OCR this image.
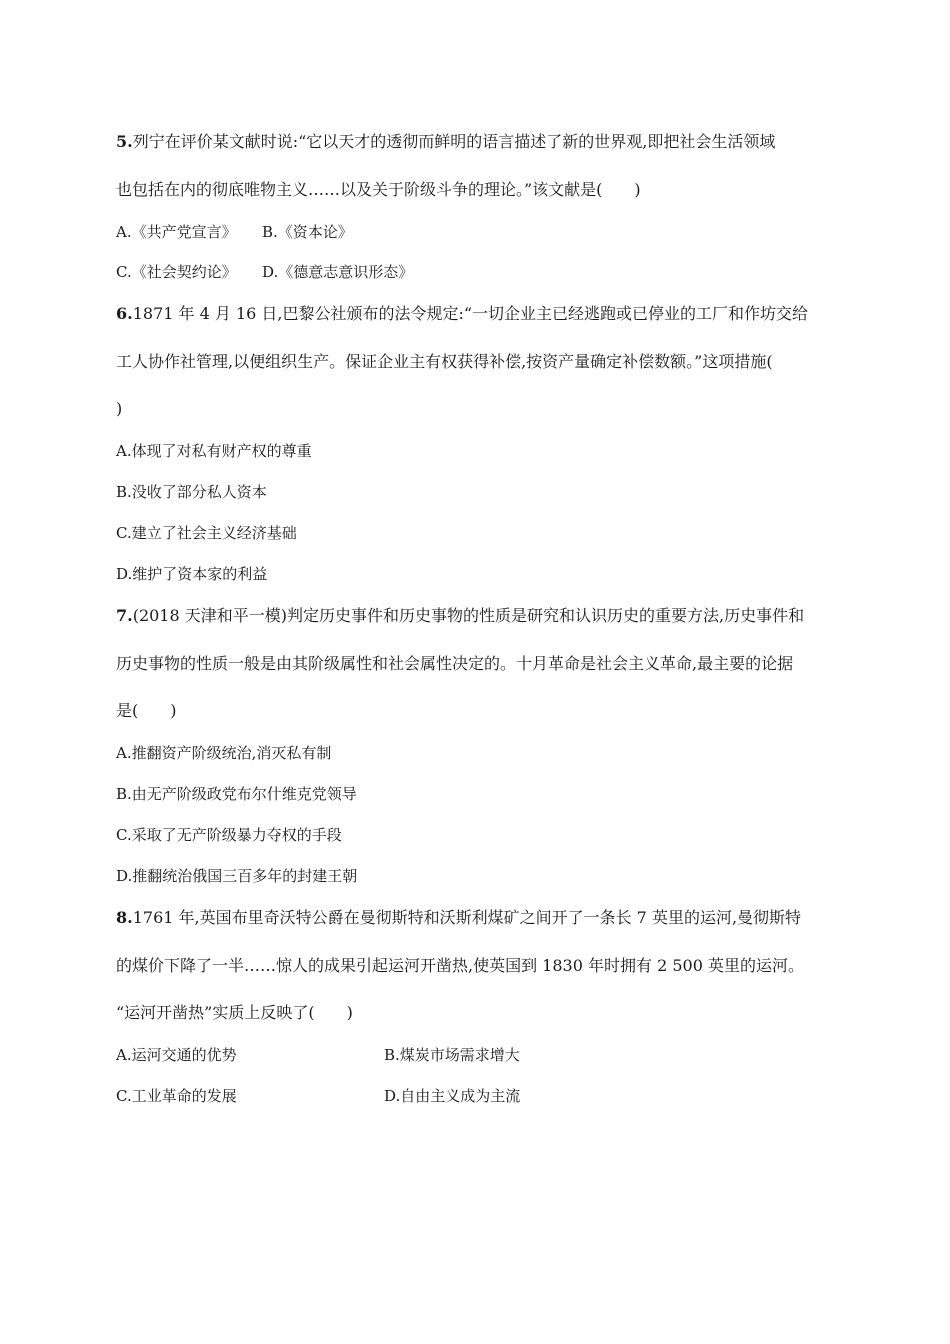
5.列宁在评价某文献时说:“它以天才的透彻而鲜明的语言描述了新的世界观,即把社会生活领域
也包括在内的彻底唯物主义……以及关于阶级斗争的理论。”该文献是(　　)
A.《共产党宣言》 B.《资本论》
C.《社会契约论》 D.《德意志意识形态》
6.1871 年 4 月 16 日,巴黎公社颁布的法令规定:“一切企业主已经逃跑或已停业的工厂和作坊交给
工人协作社管理,以便组织生产。保证企业主有权获得补偿,按资产量确定补偿数额。”这项措施(
)
A.体现了对私有财产权的尊重
B.没收了部分私人资本
C.建立了社会主义经济基础
D.维护了资本家的利益
7.(2018 天津和平一模)判定历史事件和历史事物的性质是研究和认识历史的重要方法,历史事件和
历史事物的性质一般是由其阶级属性和社会属性决定的。十月革命是社会主义革命,最主要的论据
是(　　)
A.推翻资产阶级统治,消灭私有制
B.由无产阶级政党布尔什维克党领导
C.采取了无产阶级暴力夺权的手段
D.推翻统治俄国三百多年的封建王朝
8.1761 年,英国布里奇沃特公爵在曼彻斯特和沃斯利煤矿之间开了一条长 7 英里的运河,曼彻斯特
的煤价下降了一半……惊人的成果引起运河开凿热,使英国到 1830 年时拥有 2 500 英里的运河。
“运河开凿热”实质上反映了(　　)
A.运河交通的优势	B.煤炭市场需求增大
C.工业革命的发展	D.自由主义成为主流
